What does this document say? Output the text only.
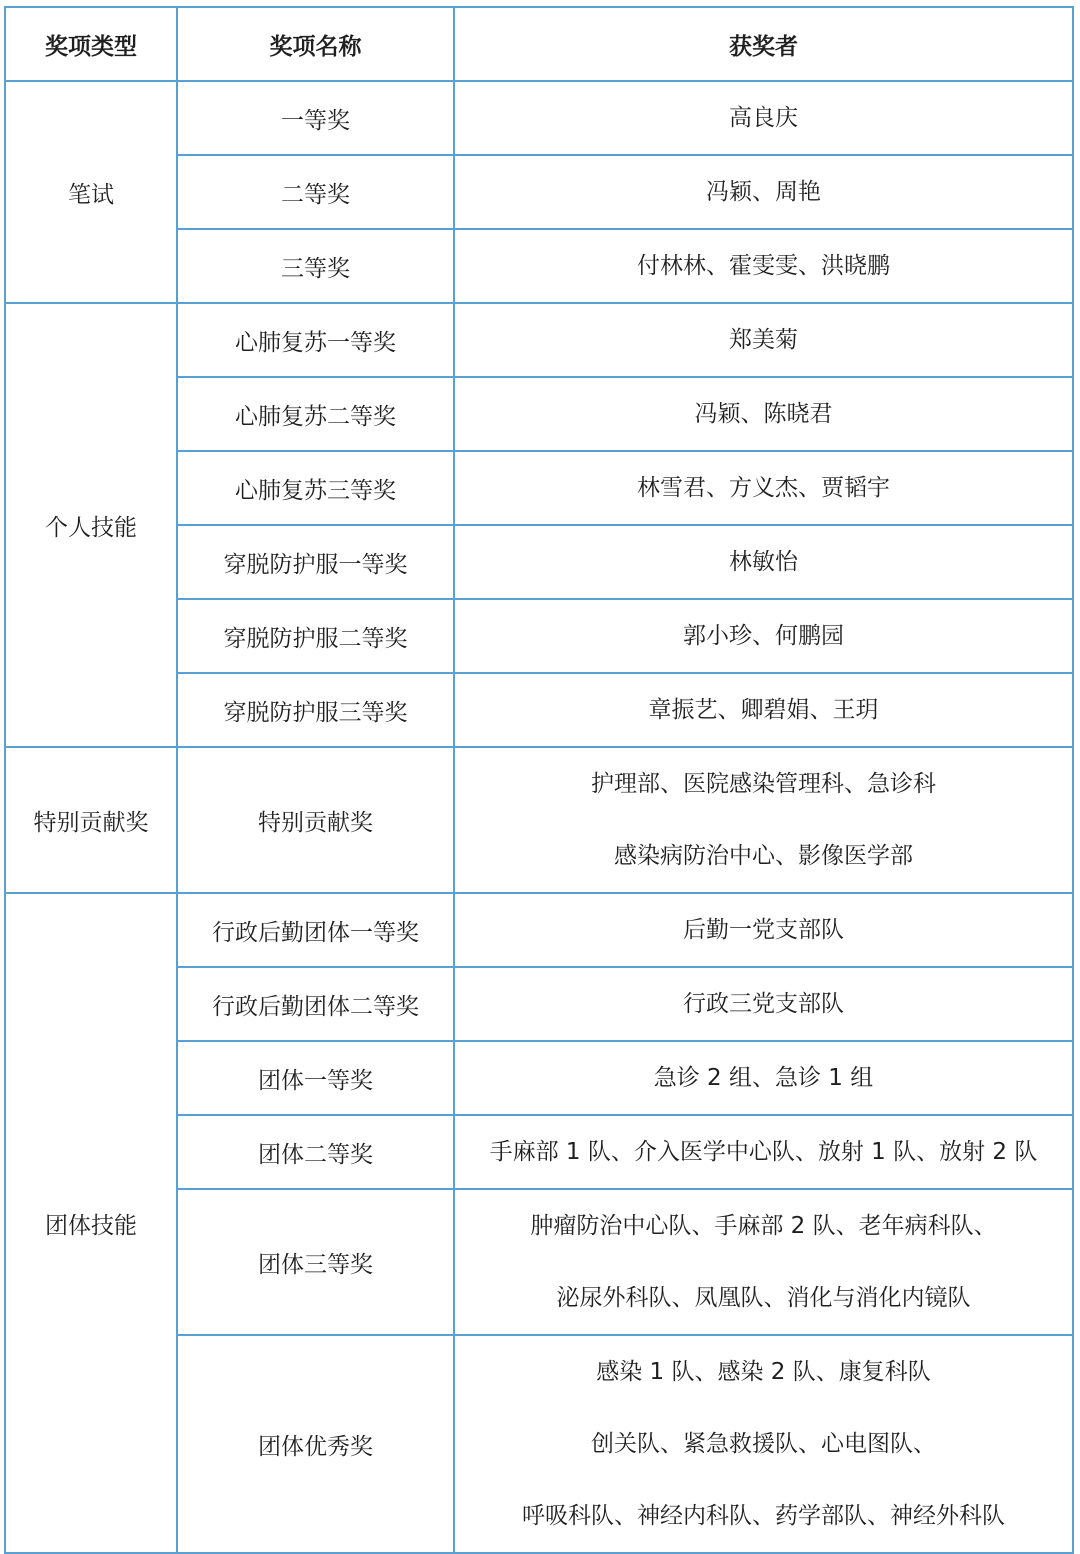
奖项类型	奖项名称	获奖者
笔试	一等奖	高良庆

	二等奖	冯颖、周艳

	三等奖	付林林、霍雯雯、洪晓鹏

个人技能	心肺复苏一等奖	郑美菊

	心肺复苏二等奖	冯颖、陈晓君

	心肺复苏三等奖	林雪君、方义杰、贾韬宇

	穿脱防护服一等奖	林敏怡

	穿脱防护服二等奖	郭小珍、何鹏园

	穿脱防护服三等奖	章振艺、卿碧娟、王玥

特别贡献奖	特别贡献奖	护理部、医院感染管理科、急诊科
感染病防治中心、影像医学部

团体技能	行政后勤团体一等奖	后勤一党支部队

	行政后勤团体二等奖	行政三党支部队

	团体一等奖	急诊 2 组、急诊 1 组

	团体二等奖	手麻部 1 队、介入医学中心队、放射 1 队、放射 2 队

	团体三等奖	肿瘤防治中心队、手麻部 2 队、老年病科队、
泌尿外科队、凤凰队、消化与消化内镜队

	团体优秀奖	感染 1 队、感染 2 队、康复科队
创关队、紧急救援队、心电图队、
呼吸科队、神经内科队、药学部队、神经外科队
